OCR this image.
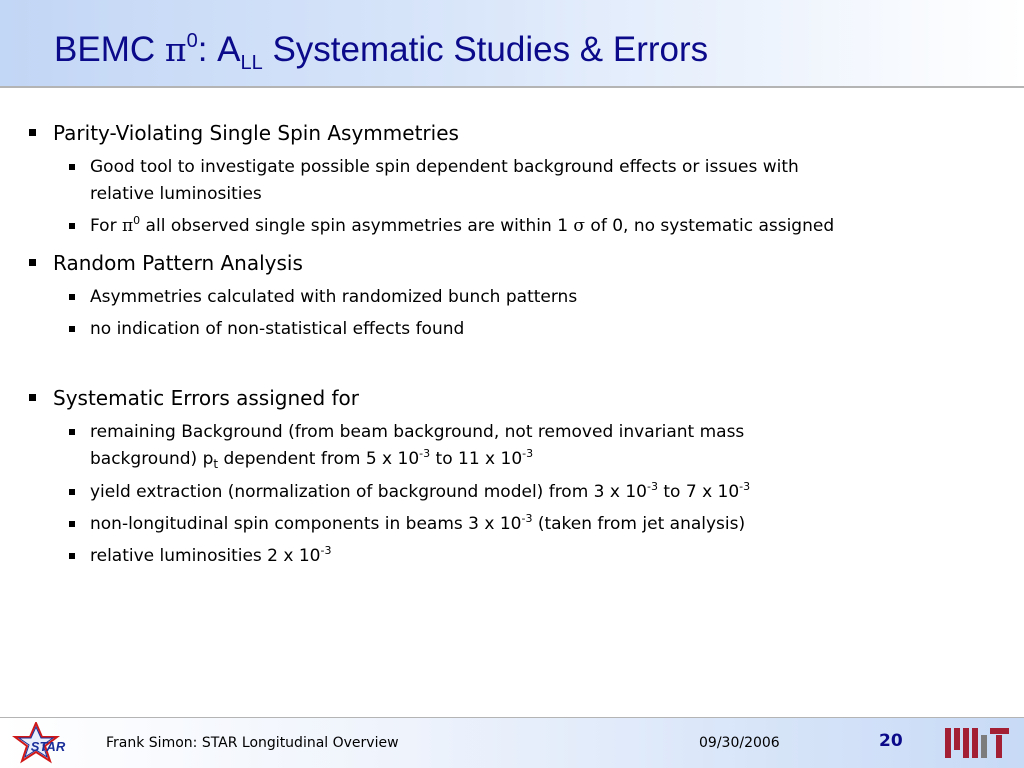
BEMC $\pi^0$: $A_{LL}$ Systematic Studies & Errors
Parity-Violating Single Spin Asymmetries
Good tool to investigate possible spin dependent background effects or issues with
relative luminosities
For $\pi^0$ all observed single spin asymmetries are within 1 σ of 0, no systematic assigned
Random Pattern Analysis
Asymmetries calculated with randomized bunch patterns
no indication of non-statistical effects found
Systematic Errors assigned for
remaining Background (from beam background, not removed invariant mass
background) $p_t$ dependent from 5 x $10^{-3}$ to 11 x $10^{-3}$
yield extraction (normalization of background model) from 3 x $10^{-3}$ to 7 x $10^{-3}$
non-longitudinal spin components in beams 3 x $10^{-3}$ (taken from jet analysis)
relative luminosities 2 x $10^{-3}$
STAR	Frank Simon: STAR Longitudinal Overview	09/30/2006	20
